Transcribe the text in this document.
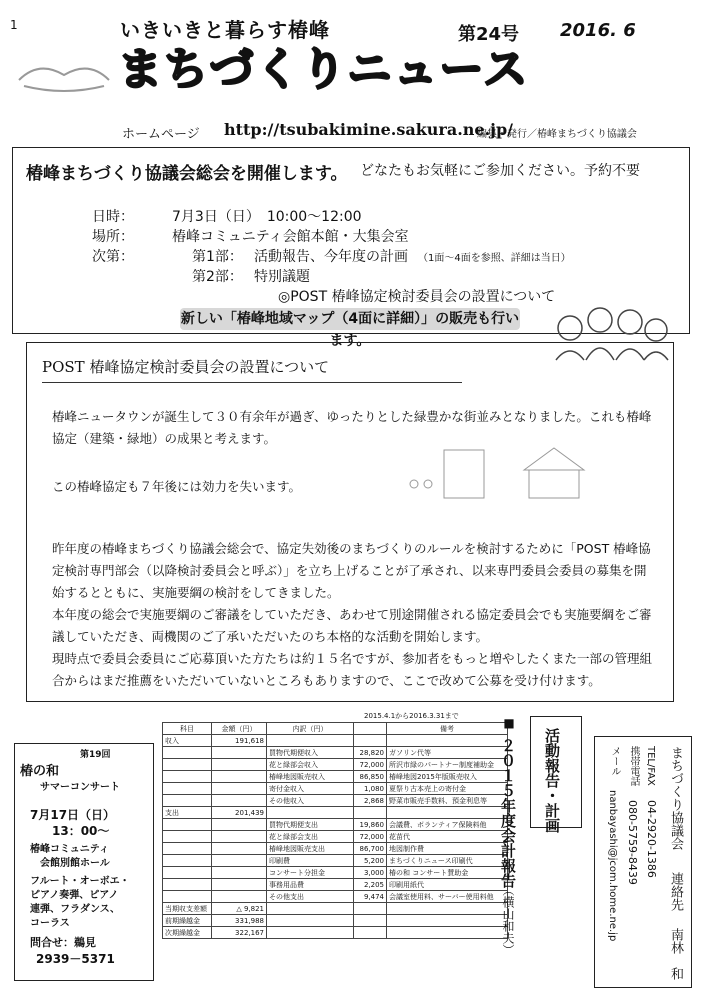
1	いきいきと暮らす椿峰
まちづくりニュース
第24号 2016. 6
ホームページ http://tsubakimine.sakura.ne.jp/
編集・発行／椿峰まちづくり協議会
椿峰まちづくり協議会総会を開催します。 どなたもお気軽にご参加ください。予約不要
日時：	7月3日（日）　10:00～12:00
場所：	椿峰コミュニティ会館本館・大集会室
次第：	第1部： 活動報告、今年度の計画 （1面～4面を参照、詳細は当日）
第2部： 特別議題
◎POST 椿峰協定検討委員会の設置について
新しい「椿峰地域マップ（4面に詳細）」の販売も行います。
POST 椿峰協定検討委員会の設置について
椿峰ニュータウンが誕生して３０有余年が過ぎ、ゆったりとした緑豊かな街並みとなりました。これも椿峰
協定（建築・緑地）の成果と考えます。
この椿峰協定も７年後には効力を失います。
昨年度の椿峰まちづくり協議会総会で、協定失効後のまちづくりのルールを検討するために「POST 椿峰協
定検討専門部会（以降検討委員会と呼ぶ）」を立ち上げることが了承され、以来専門委員会委員の募集を開
始するとともに、実施要綱の検討をしてきました。
本年度の総会で実施要綱のご審議をしていただき、あわせて別途開催される協定委員会でも実施要綱をご審
議していただき、両機関のご了承いただいたのち本格的な活動を開始します。
現時点で委員会委員にご応募頂いた方たちは約１５名ですが、参加者をもっと増やしたくまた一部の管理組
合からはまだ推薦をいただいていないところもありますので、ここで改めて公募を受け付けます。
第19回
椿の和
サマーコンサート
7月17日（日）
13：00～
椿峰コミュニティ
会館別館ホール
フルート・オーボエ・
ピアノ奏弾、ピアノ
連弾、フラダンス、
コーラス
問合せ：鵜見
2939－5371
2015.4.1から2016.3.31まで
科目	金額（円）	内訳（円）		備考
収入	191,618			
		買物代期便収入	28,820	ガソリン代等
		花と緑部会収入	72,000	所沢市緑のパートナー制度補助金
		椿峰地図販売収入	86,850	椿峰地図2015年版販売収入
		寄付金収入	1,080	夏祭り古本売上の寄付金
		その他収入	2,868	野菜市販売手数料、預金利息等
支出	201,439			
		買物代期便支出	19,860	会議費、ボランティア保険料他
		花と緑部会支出	72,000	花苗代
		椿峰地図販売支出	86,700	地図制作費
		印刷費	5,200	まちづくりニュース印刷代
		コンサート分担金	3,000	椿の和 コンサート賛助金
		事務用品費	2,205	印刷用紙代
		その他支出	9,474	会議室使用料、サーバー使用料他
当期収支差額	△ 9,821			
前期繰越金	331,988			
次期繰越金	322,167			
■
２０１５年度会計報告
（横山和夫）
活動報告・計画	まちづくり協議会
連絡先
南林　和
TEL/FAX
04-2920-1386
携帯電話
080-5759-8439
メール
nanbayashi@jcom.home.ne.jp
